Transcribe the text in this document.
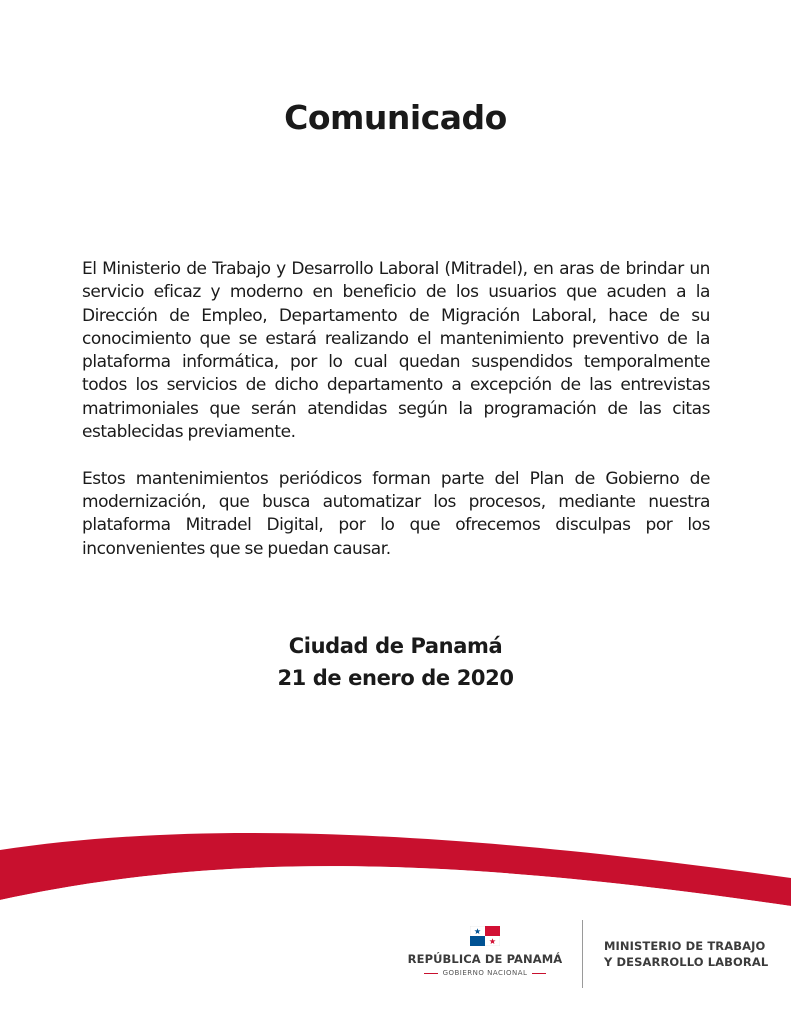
Comunicado

El Ministerio de Trabajo y Desarrollo Laboral (Mitradel), en aras de brindar un servicio eficaz y moderno en beneficio de los usuarios que acuden a la Dirección de Empleo, Departamento de Migración Laboral, hace de su conocimiento que se estará realizando el mantenimiento preventivo de la plataforma informática, por lo cual quedan suspendidos temporalmente todos los servicios de dicho departamento a excepción de las entrevistas matrimoniales que serán atendidas según la programación de las citas establecidas previamente.

Estos mantenimientos periódicos forman parte del Plan de Gobierno de modernización, que busca automatizar los procesos, mediante nuestra plataforma Mitradel Digital, por lo que ofrecemos disculpas por los inconvenientes que se puedan causar.

Ciudad de Panamá
21 de enero de 2020
REPÚBLICA DE PANAMÁ
GOBIERNO NACIONAL
MINISTERIO DE TRABAJO
Y DESARROLLO LABORAL
